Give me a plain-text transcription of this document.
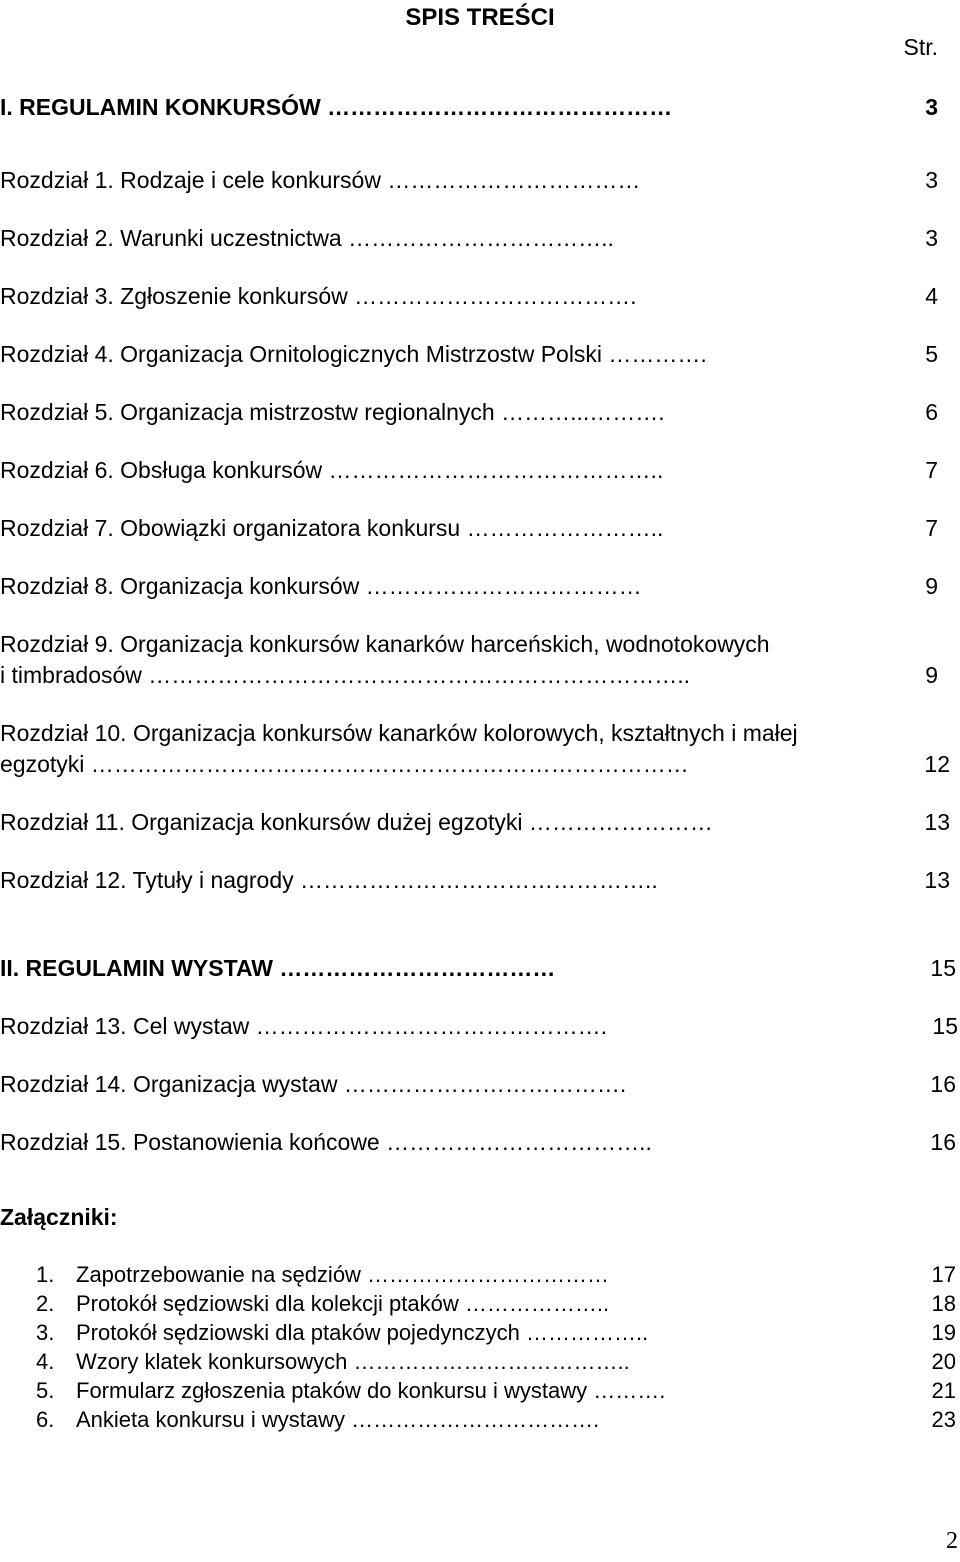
SPIS TREŚCI
Str.
I. REGULAMIN KONKURSÓW ………………………………………	3
Rozdział 1. Rodzaje i cele konkursów ……………………………	3
Rozdział 2. Warunki uczestnictwa ……………………………..	3
Rozdział 3. Zgłoszenie konkursów ……………………………….	4
Rozdział 4. Organizacja Ornitologicznych Mistrzostw Polski ………….	5
Rozdział 5. Organizacja mistrzostw regionalnych ………...……….	6
Rozdział 6. Obsługa konkursów ……………………………………..	7
Rozdział 7. Obowiązki organizatora konkursu ……………………..	7
Rozdział 8. Organizacja konkursów ………………………………	9
Rozdział 9. Organizacja konkursów kanarków harceńskich, wodnotokowych
i timbradosów ……………………………………………………………..	9
Rozdział 10. Organizacja konkursów kanarków kolorowych, kształtnych i małej
egzotyki ……………………………………………………………………	12
Rozdział 11. Organizacja konkursów dużej egzotyki ……………………	13
Rozdział 12. Tytuły i nagrody ………………………………………..	13
II. REGULAMIN WYSTAW ………………………………	15
Rozdział 13. Cel wystaw ……………………………………….	15
Rozdział 14. Organizacja wystaw ……………………………….	16
Rozdział 15. Postanowienia końcowe ……………………………..	16
Załączniki:
1. Zapotrzebowanie na sędziów ……………………………	17
2. Protokół sędziowski dla kolekcji ptaków ………………..	18
3. Protokół sędziowski dla ptaków pojedynczych ……………..	19
4. Wzory klatek konkursowych ………………………………..	20
5. Formularz zgłoszenia ptaków do konkursu i wystawy ……….	21
6. Ankieta konkursu i wystawy …………………………….	23
2
